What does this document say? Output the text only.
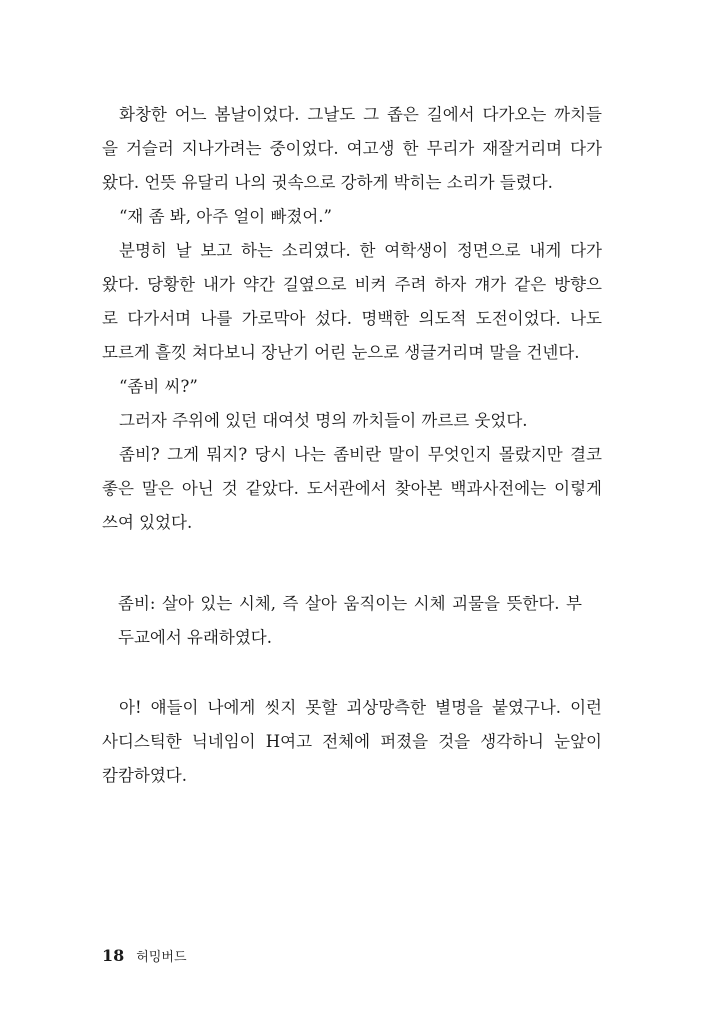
화창한 어느 봄날이었다. 그날도 그 좁은 길에서 다가오는 까치들
을 거슬러 지나가려는 중이었다. 여고생 한 무리가 재잘거리며 다가
왔다. 언뜻 유달리 나의 귓속으로 강하게 박히는 소리가 들렸다.
“재 좀 봐, 아주 얼이 빠졌어.”
분명히 날 보고 하는 소리였다. 한 여학생이 정면으로 내게 다가
왔다. 당황한 내가 약간 길옆으로 비켜 주려 하자 걔가 같은 방향으
로 다가서며 나를 가로막아 섰다. 명백한 의도적 도전이었다. 나도
모르게 흘낏 쳐다보니 장난기 어린 눈으로 생글거리며 말을 건넨다.
“좀비 씨?”
그러자 주위에 있던 대여섯 명의 까치들이 까르르 웃었다.
좀비? 그게 뭐지? 당시 나는 좀비란 말이 무엇인지 몰랐지만 결코
좋은 말은 아닌 것 같았다. 도서관에서 찾아본 백과사전에는 이렇게
쓰여 있었다.
좀비: 살아 있는 시체, 즉 살아 움직이는 시체 괴물을 뜻한다. 부
두교에서 유래하였다.
아! 얘들이 나에게 씻지 못할 괴상망측한 별명을 붙였구나. 이런
사디스틱한 닉네임이 H여고 전체에 퍼졌을 것을 생각하니 눈앞이
캄캄하였다.
18 허밍버드
